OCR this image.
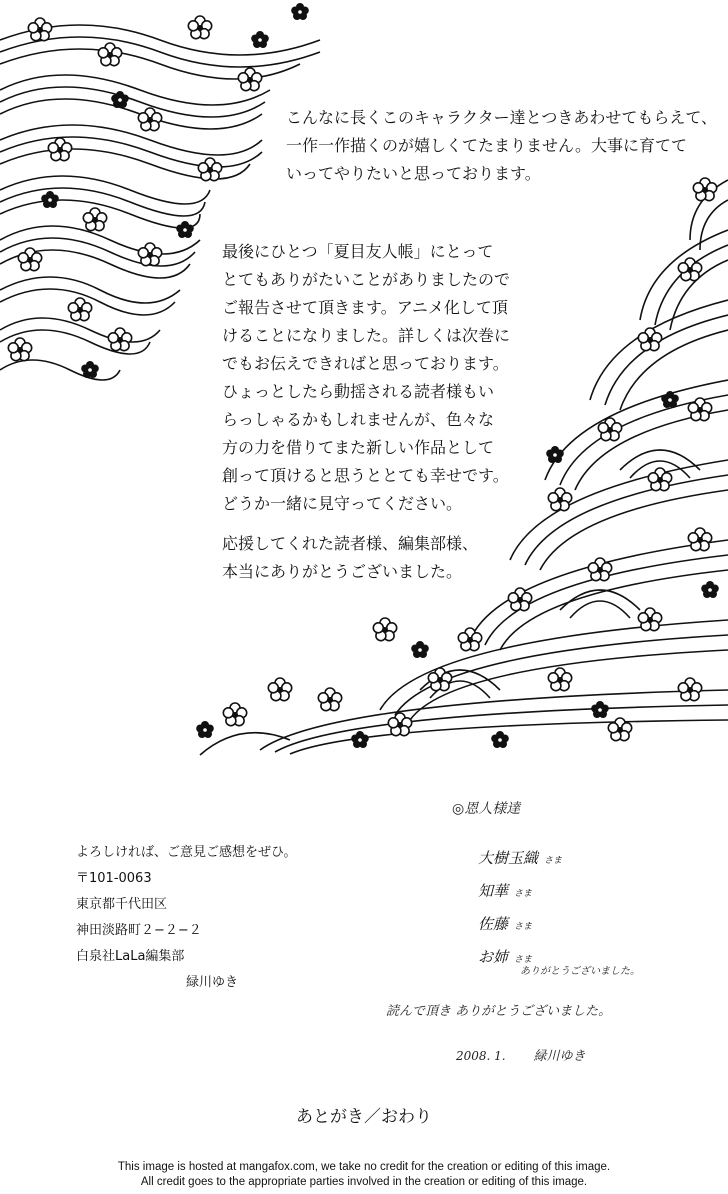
こんなに長くこのキャラクター達とつきあわせてもらえて、
一作一作描くのが嬉しくてたまりません。大事に育てて
いってやりたいと思っております。
最後にひとつ「夏目友人帳」にとって
とてもありがたいことがありましたので
ご報告させて頂きます。アニメ化して頂
けることになりました。詳しくは次巻に
でもお伝えできればと思っております。
ひょっとしたら動揺される読者様もい
らっしゃるかもしれませんが、色々な
方の力を借りてまた新しい作品として
創って頂けると思うととても幸せです。
どうか一緒に見守ってください。
応援してくれた読者様、編集部様、
本当にありがとうございました。
よろしければ、ご意見ご感想をぜひ。
〒101-0063
東京都千代田区
神田淡路町２−２−２
白泉社LaLa編集部
緑川ゆき
◎恩人様達
大樹玉織 さま
知華 さま
佐藤 さま
お姉 さま
ありがとうございました。
読んで頂き ありがとうございました。
2008. 1. 緑川ゆき
あとがき／おわり
This image is hosted at mangafox.com, we take no credit for the creation or editing of this image.
All credit goes to the appropriate parties involved in the creation or editing of this image.
